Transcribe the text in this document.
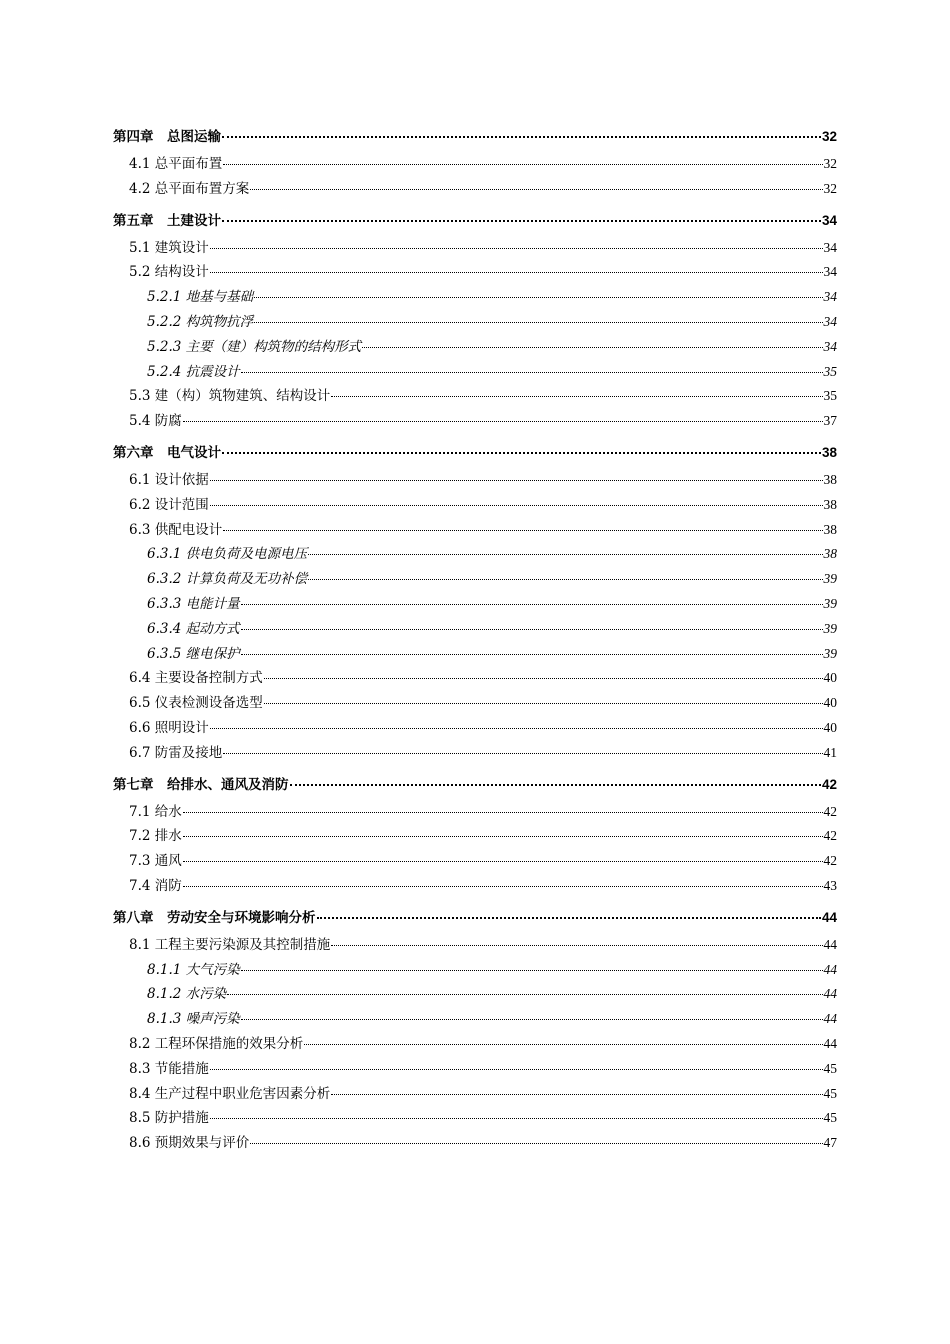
第四章　总图运输	32
4.1 总平面布置	32
4.2 总平面布置方案	32
第五章　土建设计	34
5.1 建筑设计	34
5.2 结构设计	34
5.2.1 地基与基础	34
5.2.2 构筑物抗浮	34
5.2.3 主要（建）构筑物的结构形式	34
5.2.4 抗震设计	35
5.3 建（构）筑物建筑、结构设计	35
5.4 防腐	37
第六章　电气设计	38
6.1 设计依据	38
6.2 设计范围	38
6.3 供配电设计	38
6.3.1 供电负荷及电源电压	38
6.3.2 计算负荷及无功补偿	39
6.3.3 电能计量	39
6.3.4 起动方式	39
6.3.5 继电保护	39
6.4 主要设备控制方式	40
6.5 仪表检测设备选型	40
6.6 照明设计	40
6.7 防雷及接地	41
第七章　给排水、通风及消防	42
7.1 给水	42
7.2 排水	42
7.3 通风	42
7.4 消防	43
第八章　劳动安全与环境影响分析	44
8.1 工程主要污染源及其控制措施	44
8.1.1 大气污染	44
8.1.2 水污染	44
8.1.3 噪声污染	44
8.2 工程环保措施的效果分析	44
8.3 节能措施	45
8.4 生产过程中职业危害因素分析	45
8.5 防护措施	45
8.6 预期效果与评价	47
